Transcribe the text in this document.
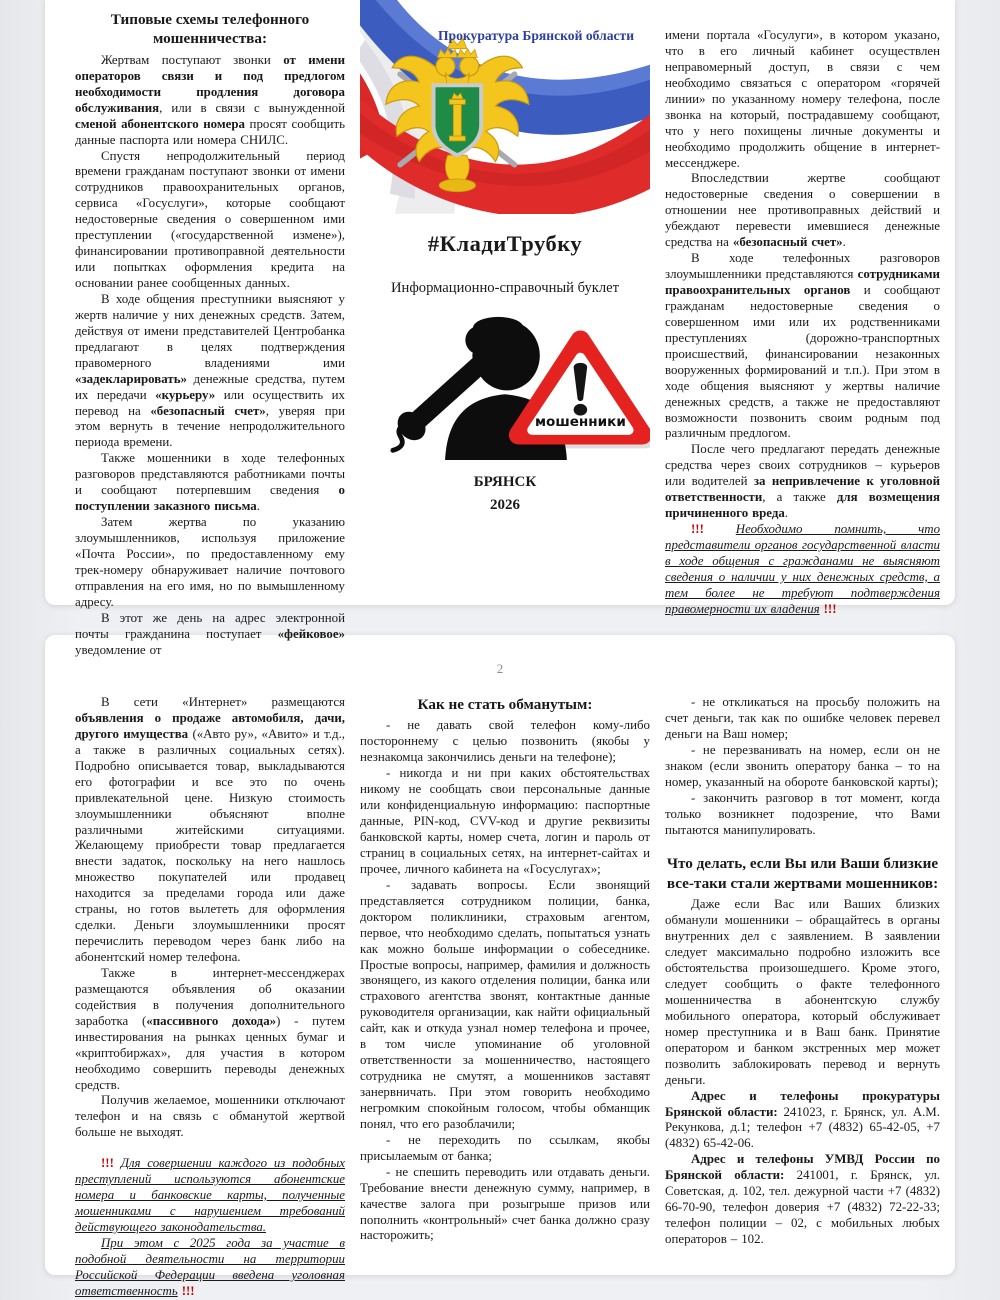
Типовые схемы телефонного мошенничества:

Жертвам поступают звонки от имени операторов связи и под предлогом необходимости продления договора обслуживания, или в связи с вынужденной сменой абонентского номера просят сообщить данные паспорта или номера СНИЛС.

Спустя непродолжительный период времени гражданам поступают звонки от имени сотрудников правоохранительных органов, сервиса «Госуслуги», которые сообщают недостоверные сведения о совершенном ими преступлении («государственной измене»), финансировании противоправной деятельности или попытках оформления кредита на основании ранее сообщенных данных.

В ходе общения преступники выясняют у жертв наличие у них денежных средств. Затем, действуя от имени представителей Центробанка предлагают в целях подтверждения правомерного владениями ими «задекларировать» денежные средства, путем их передачи «курьеру» или осуществить их перевод на «безопасный счет», уверяя при этом вернуть в течение непродолжительного периода времени.

Также мошенники в ходе телефонных разговоров представляются работниками почты и сообщают потерпевшим сведения о поступлении заказного письма.

Затем жертва по указанию злоумышленников, используя приложение «Почта России», по предоставленному ему трек-номеру обнаруживает наличие почтового отправления на его имя, но по вымышленному адресу.

В этот же день на адрес электронной почты гражданина поступает «фейковое» уведомление от

Прокуратура Брянской области
#КладиТрубку
Информационно-справочный буклет
мошенники
БРЯНСК
2026

имени портала «Госулуги», в котором указано, что в его личный кабинет осуществлен неправомерный доступ, в связи с чем необходимо связаться с оператором «горячей линии» по указанному номеру телефона, после звонка на который, пострадавшему сообщают, что у него похищены личные документы и необходимо продолжить общение в интернет-мессенджере.

Впоследствии жертве сообщают недостоверные сведения о совершении в отношении нее противоправных действий и убеждают перевести имевшиеся денежные средства на «безопасный счет».

В ходе телефонных разговоров злоумышленники представляются сотрудниками правоохранительных органов и сообщают гражданам недостоверные сведения о совершенном ими или их родственниками преступлениях (дорожно-транспортных происшествий, финансировании незаконных вооруженных формирований и т.п.). При этом в ходе общения выясняют у жертвы наличие денежных средств, а также не предоставляют возможности позвонить своим родным под различным предлогом.

После чего предлагают передать денежные средства через своих сотрудников – курьеров или водителей за непривлечение к уголовной ответственности, а также для возмещения причиненного вреда.

!!! Необходимо помнить, что представители органов государственной власти в ходе общения с гражданами не выясняют сведения о наличии у них денежных средств, а тем более не требуют подтверждения правомерности их владения !!!

2

В сети «Интернет» размещаются объявления о продаже автомобиля, дачи, другого имущества («Авто ру», «Авито» и т.д., а также в различных социальных сетях). Подробно описывается товар, выкладываются его фотографии и все это по очень привлекательной цене. Низкую стоимость злоумышленники объясняют вполне различными житейскими ситуациями. Желающему приобрести товар предлагается внести задаток, поскольку на него нашлось множество покупателей или продавец находится за пределами города или даже страны, но готов вылететь для оформления сделки. Деньги злоумышленники просят перечислить переводом через банк либо на абонентский номер телефона.

Также в интернет-мессенджерах размещаются объявления об оказании содействия в получения дополнительного заработка («пассивного дохода») - путем инвестирования на рынках ценных бумаг и «криптобиржах», для участия в котором необходимо совершить переводы денежных средств.

Получив желаемое, мошенники отключают телефон и на связь с обманутой жертвой больше не выходят.

!!! Для совершении каждого из подобных преступлений используются абонентские номера и банковские карты, полученные мошенниками с нарушением требований действующего законодательства.

При этом с 2025 года за участие в подобной деятельности на территории Российской Федерации введена уголовная ответственность !!!

Как не стать обманутым:

- не давать свой телефон кому-либо постороннему с целью позвонить (якобы у незнакомца закончились деньги на телефоне);

- никогда и ни при каких обстоятельствах никому не сообщать свои персональные данные или конфиденциальную информацию: паспортные данные, PIN-код, CVV-код и другие реквизиты банковской карты, номер счета, логин и пароль от страниц в социальных сетях, на интернет-сайтах и прочее, личного кабинета на «Госуслугах»;

- задавать вопросы. Если звонящий представляется сотрудником полиции, банка, доктором поликлиники, страховым агентом, первое, что необходимо сделать, попытаться узнать как можно больше информации о собеседнике. Простые вопросы, например, фамилия и должность звонящего, из какого отделения полиции, банка или страхового агентства звонят, контактные данные руководителя организации, как найти официальный сайт, как и откуда узнал номер телефона и прочее, в том числе упоминание об уголовной ответственности за мошенничество, настоящего сотрудника не смутят, а мошенников заставят занервничать. При этом говорить необходимо негромким спокойным голосом, чтобы обманщик понял, что его разоблачили;

- не переходить по ссылкам, якобы присылаемым от банка;

- не спешить переводить или отдавать деньги. Требование внести денежную сумму, например, в качестве залога при розыгрыше призов или пополнить «контрольный» счет банка должно сразу насторожить;

- не откликаться на просьбу положить на счет деньги, так как по ошибке человек перевел деньги на Ваш номер;

- не перезванивать на номер, если он не знаком (если звонить оператору банка – то на номер, указанный на обороте банковской карты);

- закончить разговор в тот момент, когда только возникнет подозрение, что Вами пытаются манипулировать.

Что делать, если Вы или Ваши близкие все-таки стали жертвами мошенников:

Даже если Вас или Ваших близких обманули мошенники – обращайтесь в органы внутренних дел с заявлением. В заявлении следует максимально подробно изложить все обстоятельства произошедшего. Кроме этого, следует сообщить о факте телефонного мошенничества в абонентскую службу мобильного оператора, который обслуживает номер преступника и в Ваш банк. Принятие оператором и банком экстренных мер может позволить заблокировать перевод и вернуть деньги.

Адрес и телефоны прокуратуры Брянской области: 241023, г. Брянск, ул. А.М. Рекункова, д.1; телефон +7 (4832) 65-42-05, +7 (4832) 65-42-06.

Адрес и телефоны УМВД России по Брянской области: 241001, г. Брянск, ул. Советская, д. 102, тел. дежурной части +7 (4832) 66-70-90, телефон доверия +7 (4832) 72-22-33; телефон полиции – 02, с мобильных любых операторов – 102.
